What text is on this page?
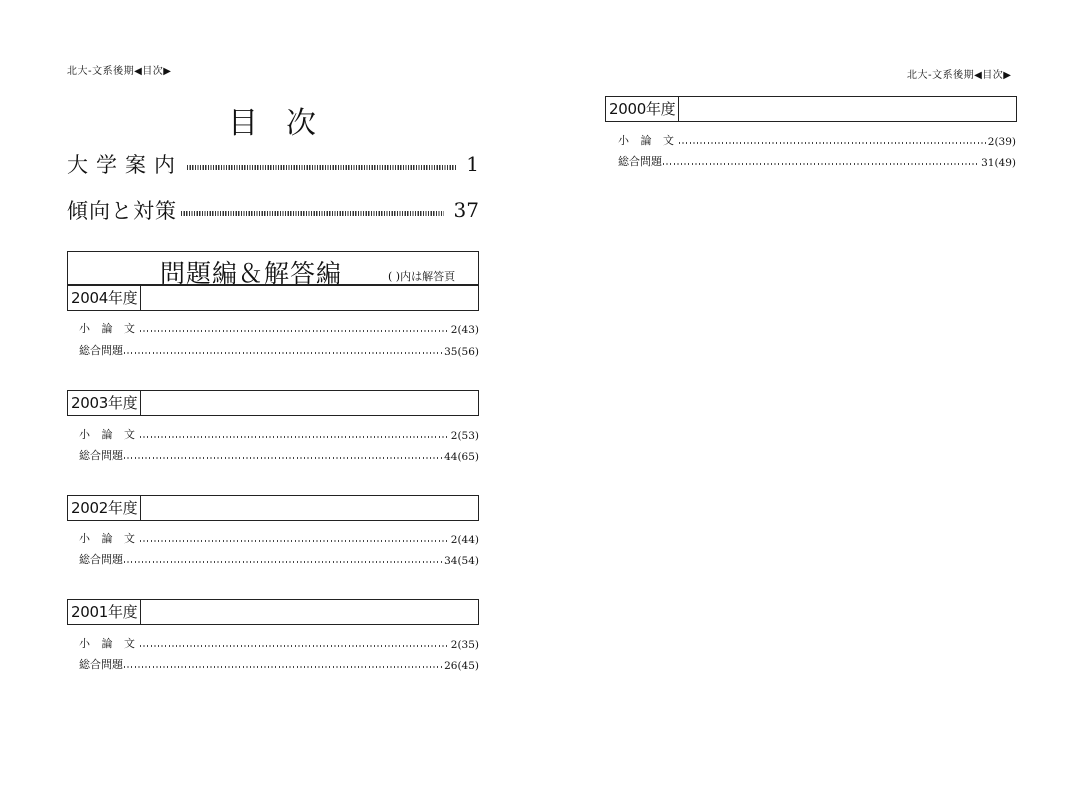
北大-文系後期◀目次▶
目次
大学案内	1
傾向と対策	37
問題編＆解答編	( )内は解答頁
2004年度
小 論 文	2(43)
総合問題	35(56)
2003年度
小 論 文	2(53)
総合問題	44(65)
2002年度
小 論 文	2(44)
総合問題	34(54)
2001年度
小 論 文	2(35)
総合問題	26(45)
北大-文系後期◀目次▶
2000年度
小 論 文	2(39)
総合問題	31(49)
